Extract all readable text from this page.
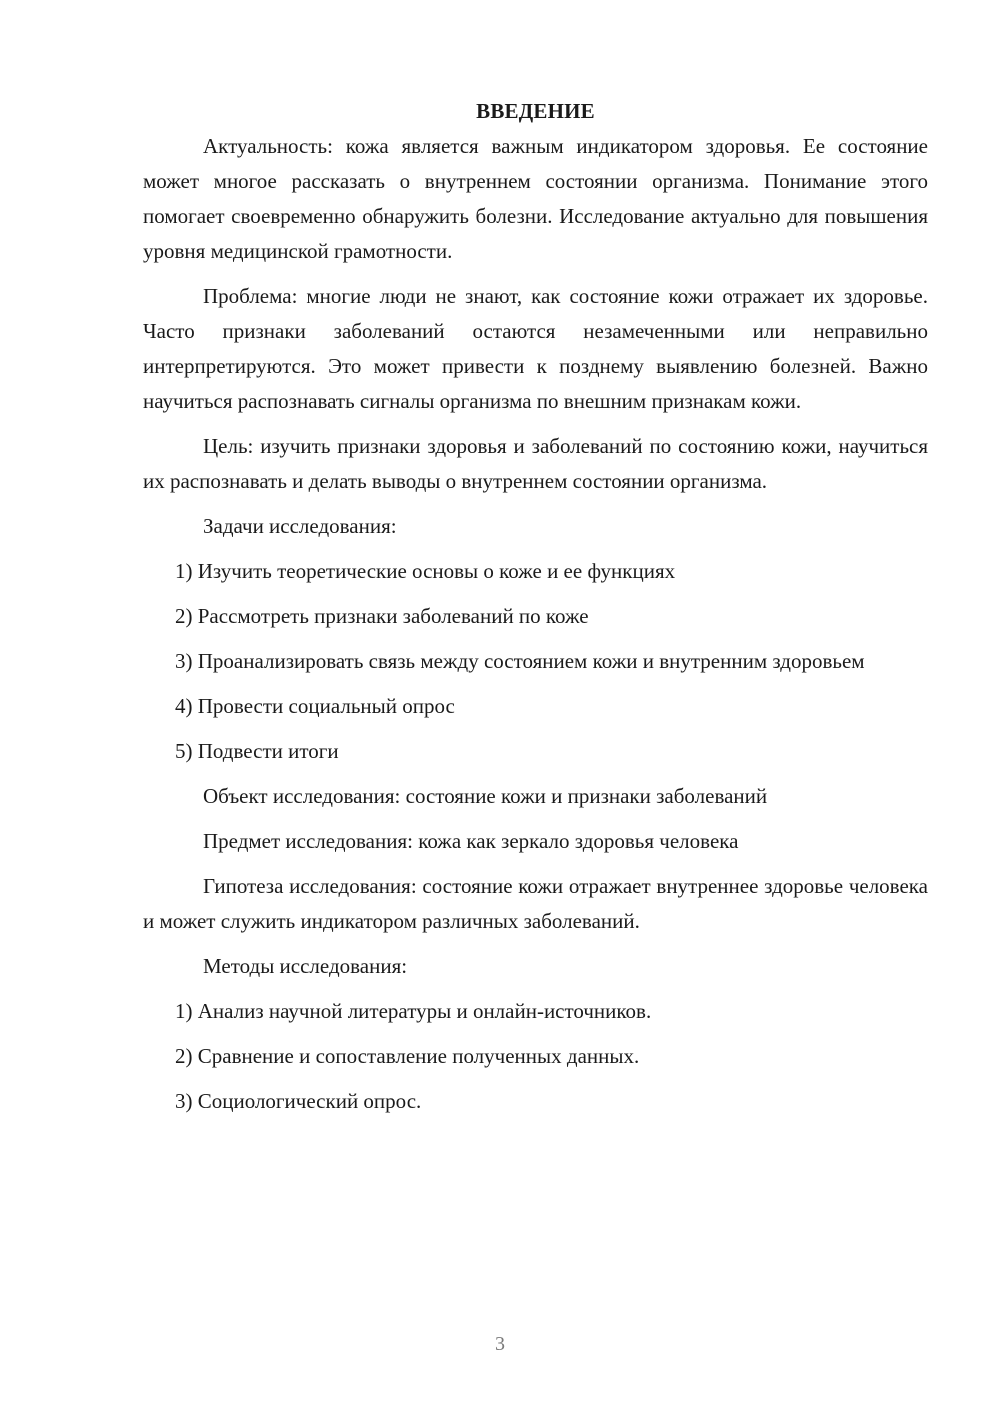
ВВЕДЕНИЕ

Актуальность: кожа является важным индикатором здоровья. Ее состояние может многое рассказать о внутреннем состоянии организма. Понимание этого помогает своевременно обнаружить болезни. Исследование актуально для повышения уровня медицинской грамотности.

Проблема: многие люди не знают, как состояние кожи отражает их здоровье. Часто признаки заболеваний остаются незамеченными или неправильно интерпретируются. Это может привести к позднему выявлению болезней. Важно научиться распознавать сигналы организма по внешним признакам кожи.

Цель: изучить признаки здоровья и заболеваний по состоянию кожи, научиться их распознавать и делать выводы о внутреннем состоянии организма.

Задачи исследования:

1) Изучить теоретические основы о коже и ее функциях

2) Рассмотреть признаки заболеваний по коже

3) Проанализировать связь между состоянием кожи и внутренним здоровьем

4) Провести социальный опрос

5) Подвести итоги

Объект исследования: состояние кожи и признаки заболеваний

Предмет исследования: кожа как зеркало здоровья человека

Гипотеза исследования: состояние кожи отражает внутреннее здоровье человека и может служить индикатором различных заболеваний.

Методы исследования:

1) Анализ научной литературы и онлайн-источников.

2) Сравнение и сопоставление полученных данных.

3) Социологический опрос.

3
